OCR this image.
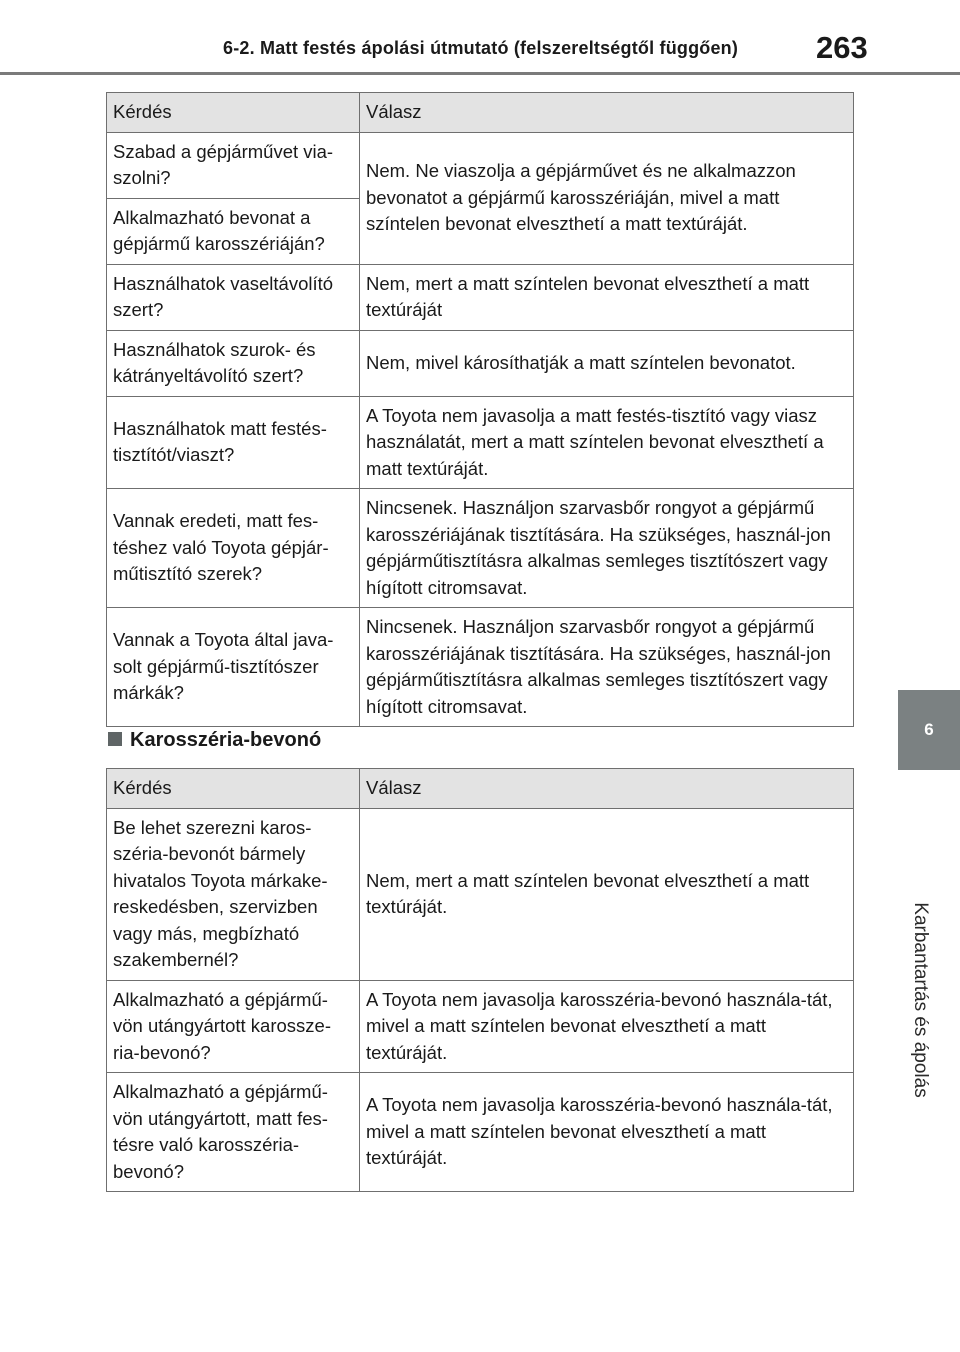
6-2. Matt festés ápolási útmutató (felszereltségtől függően)	263
6
Karbantartás és ápolás
Kérdés	Válasz
Szabad a gépjárművet via-szolni?	Nem. Ne viaszolja a gépjárművet és ne alkalmazzon bevonatot a gépjármű karosszériáján, mivel a matt színtelen bevonat elveszthetí a matt textúráját.
Alkalmazható bevonat a gépjármű karosszériáján?	
Használhatok vaseltávolító szert?	Nem, mert a matt színtelen bevonat elveszthetí a matt textúráját
Használhatok szurok- és kátrányeltávolító szert?	Nem, mivel károsíthatják a matt színtelen bevonatot.
Használhatok matt festés-tisztítót/viaszt?	A Toyota nem javasolja a matt festés-tisztító vagy viasz használatát, mert a matt színtelen bevonat elveszthetí a matt textúráját.
Vannak eredeti, matt fes-téshez való Toyota gépjár-műtisztító szerek?	Nincsenek. Használjon szarvasbőr rongyot a gépjármű karosszériájának tisztítására. Ha szükséges, használ-jon gépjárműtisztításra alkalmas semleges tisztítószert vagy hígított citromsavat.
Vannak a Toyota által java-solt gépjármű-tisztítószer márkák?	Nincsenek. Használjon szarvasbőr rongyot a gépjármű karosszériájának tisztítására. Ha szükséges, használ-jon gépjárműtisztításra alkalmas semleges tisztítószert vagy hígított citromsavat.
Karosszéria-bevonó
Kérdés	Válasz
Be lehet szerezni karos-széria-bevonót bármely hivatalos Toyota márkake-reskedésben, szervizben vagy más, megbízható szakembernél?	Nem, mert a matt színtelen bevonat elveszthetí a matt textúráját.
Alkalmazható a gépjármű-vön utángyártott karossze-ria-bevonó?	A Toyota nem javasolja karosszéria-bevonó használa-tát, mivel a matt színtelen bevonat elveszthetí a matt textúráját.
Alkalmazható a gépjármű-vön utángyártott, matt fes-tésre való karosszéria-bevonó?	A Toyota nem javasolja karosszéria-bevonó használa-tát, mivel a matt színtelen bevonat elveszthetí a matt textúráját.
